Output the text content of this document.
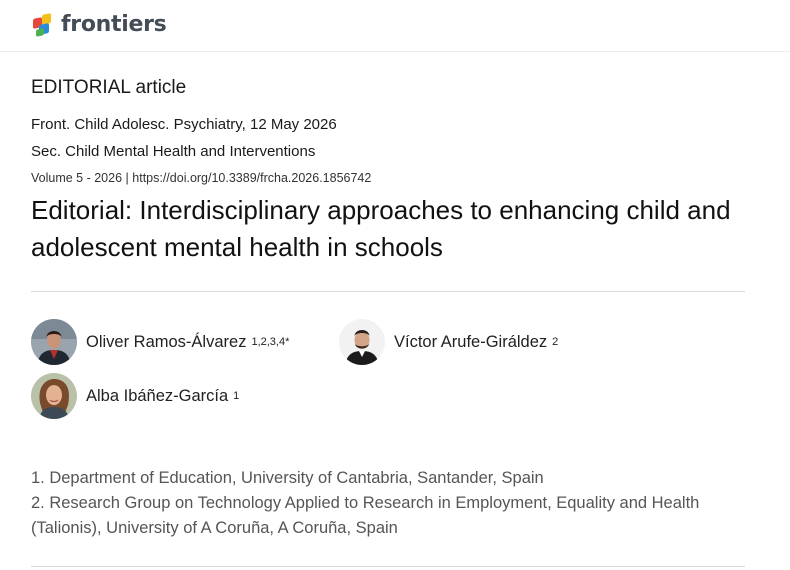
frontiers
EDITORIAL article
Front. Child Adolesc. Psychiatry, 12 May 2026
Sec. Child Mental Health and Interventions
Volume 5 - 2026 | https://doi.org/10.3389/frcha.2026.1856742
Editorial: Interdisciplinary approaches to enhancing child and adolescent mental health in schools
Oliver Ramos-Álvarez 1,2,3,4*	Víctor Arufe-Giráldez 2
Alba Ibáñez-García 1
1. Department of Education, University of Cantabria, Santander, Spain
2. Research Group on Technology Applied to Research in Employment, Equality and Health (Talionis), University of A Coruña, A Coruña, Spain
